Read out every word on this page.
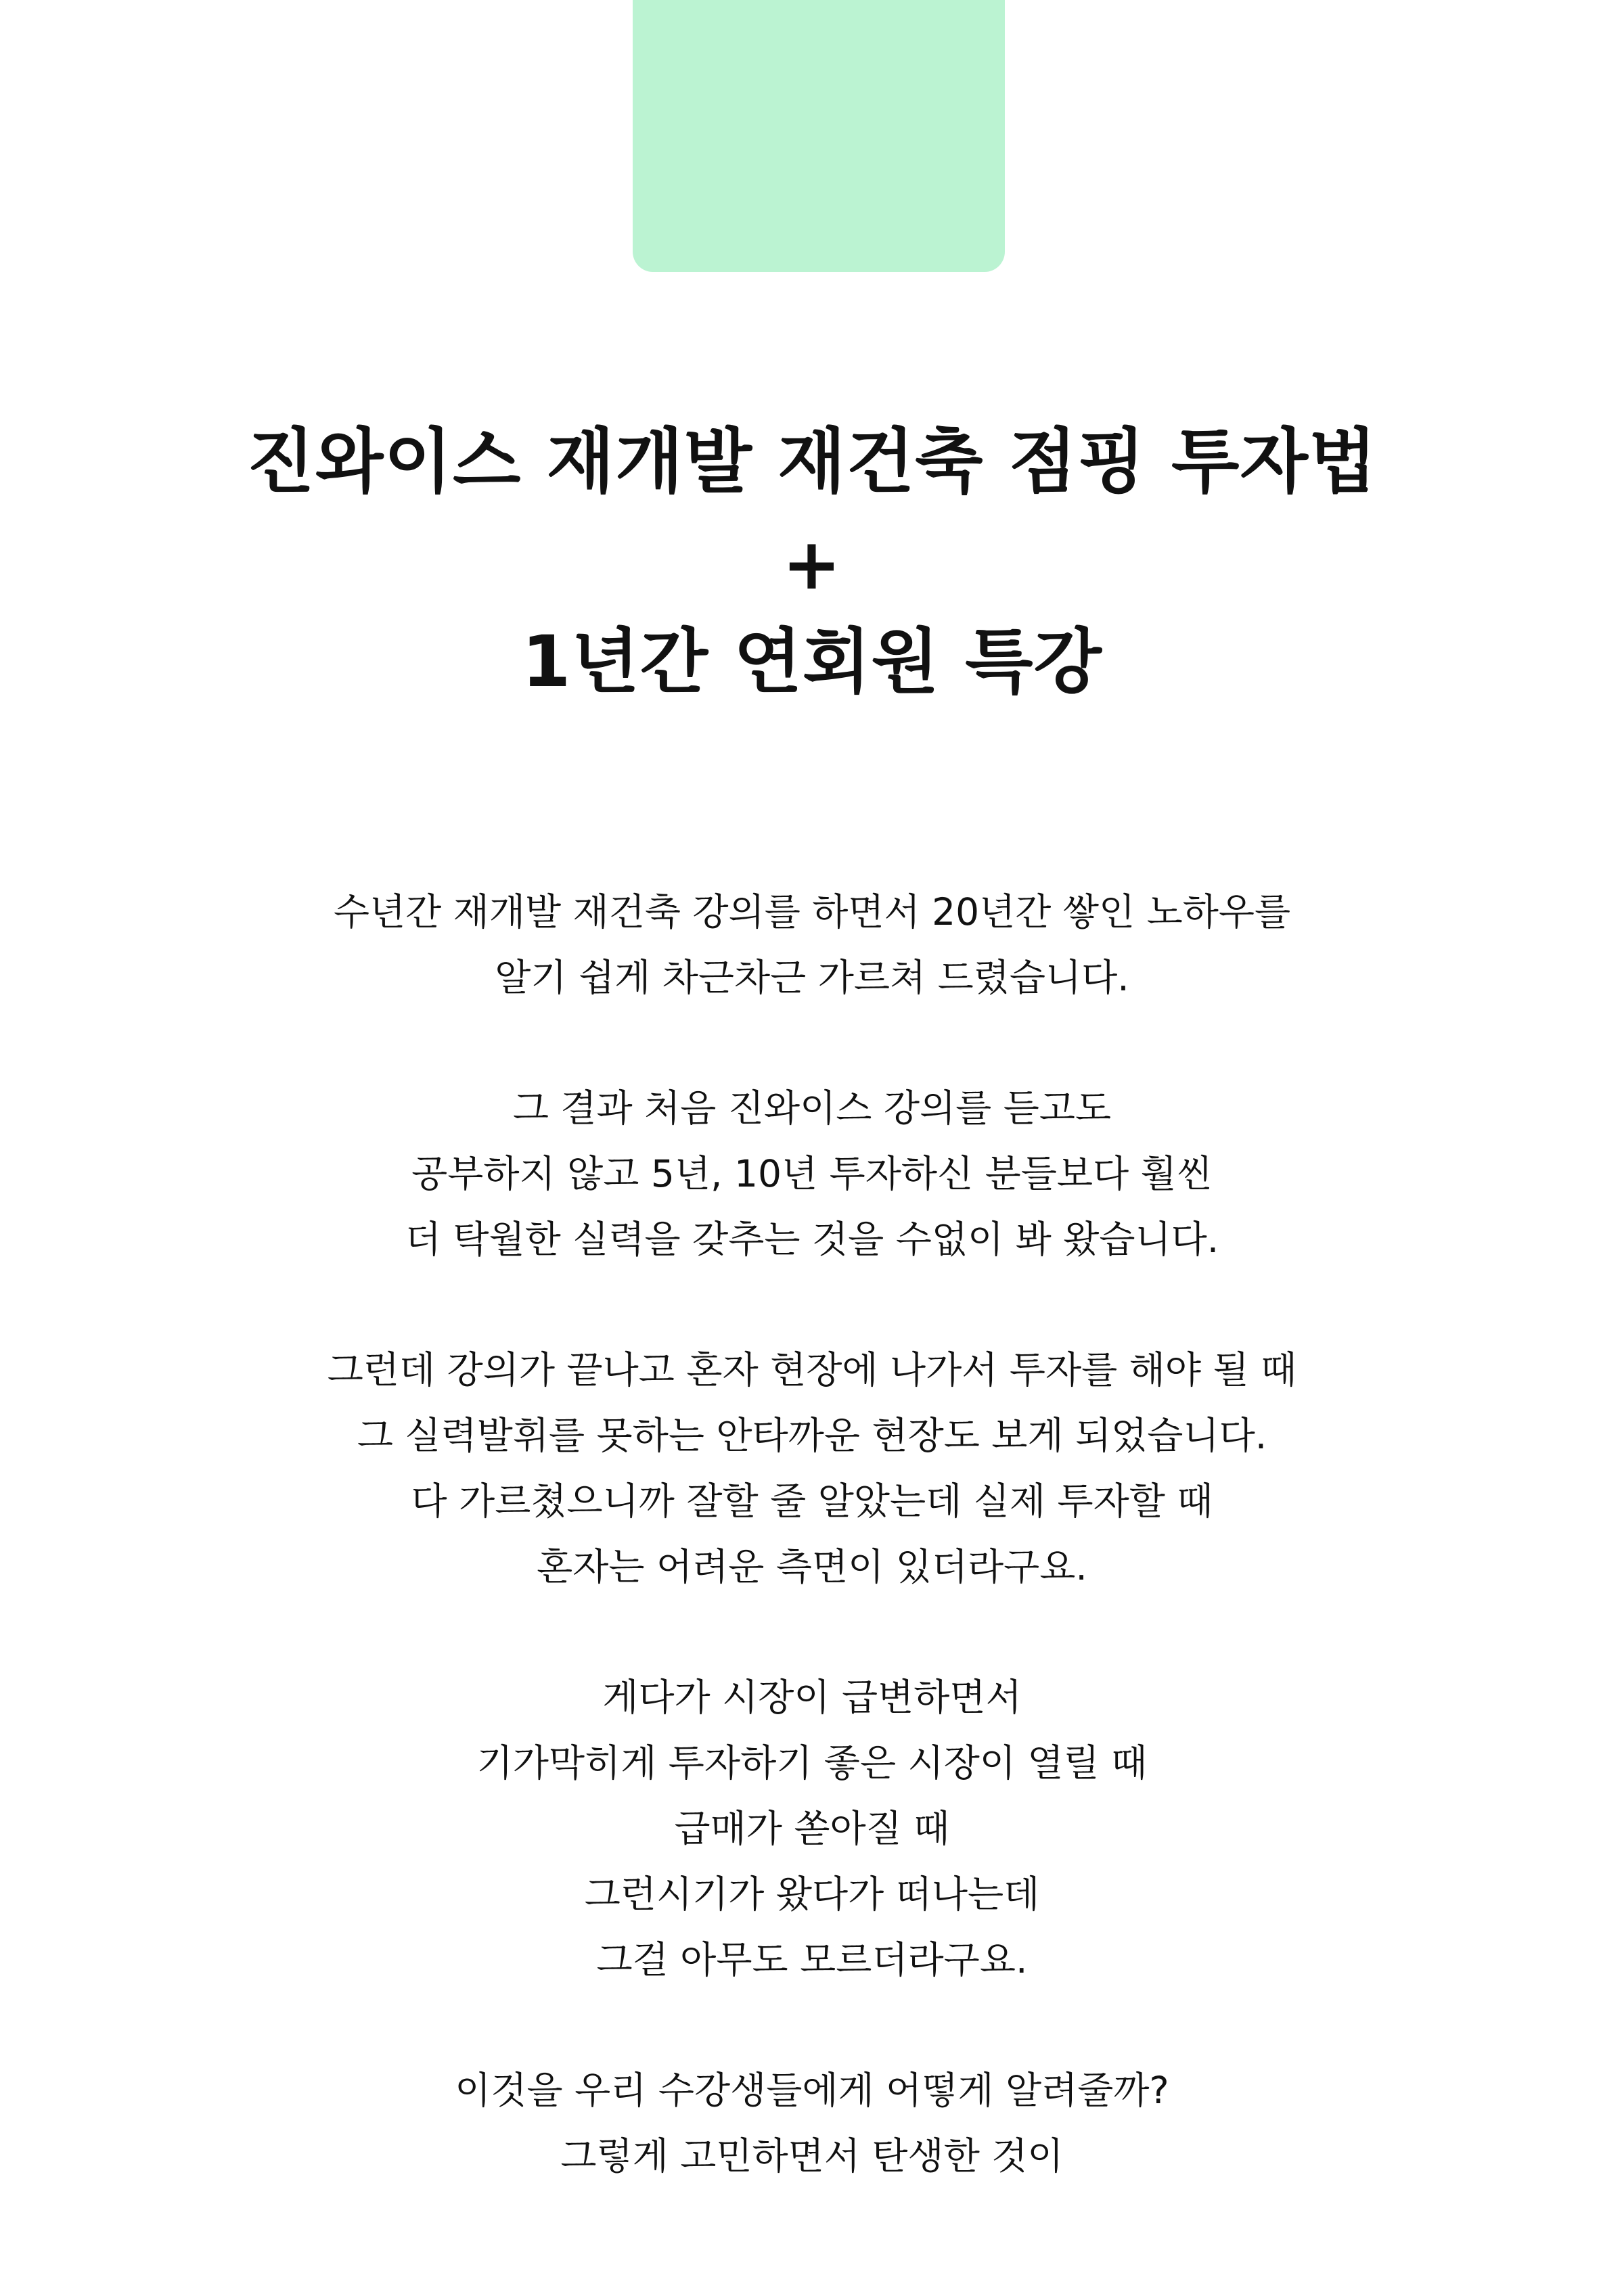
진와이스 재개발 재건축 점핑 투자법
+
1년간 연회원 특강
수년간 재개발 재건축 강의를 하면서 20년간 쌓인 노하우를
알기 쉽게 차근차근 가르쳐 드렸습니다.
그 결과 처음 진와이스 강의를 듣고도
공부하지 않고 5년, 10년 투자하신 분들보다 훨씬
더 탁월한 실력을 갖추는 것을 수없이 봐 왔습니다.
그런데 강의가 끝나고 혼자 현장에 나가서 투자를 해야 될 때
그 실력발휘를 못하는 안타까운 현장도 보게 되었습니다.
다 가르쳤으니까 잘할 줄 알았는데 실제 투자할 때
혼자는 어려운 측면이 있더라구요.
게다가 시장이 급변하면서
기가막히게 투자하기 좋은 시장이 열릴 때
급매가 쏟아질 때
그런시기가 왔다가 떠나는데
그걸 아무도 모르더라구요.
이것을 우리 수강생들에게 어떻게 알려줄까?
그렇게 고민하면서 탄생한 것이
